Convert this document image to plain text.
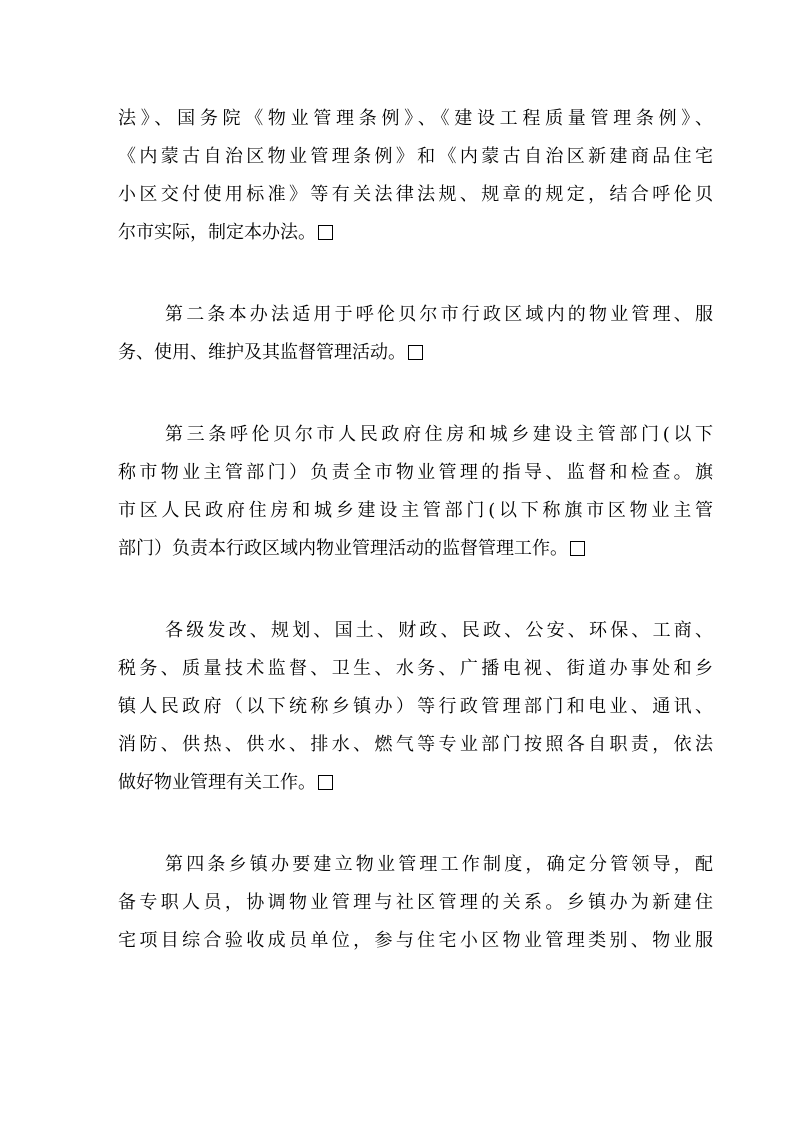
法》、国务院《物业管理条例》、《建设工程质量管理条例》、
《内蒙古自治区物业管理条例》和《内蒙古自治区新建商品住宅
小区交付使用标准》等有关法律法规、规章的规定，结合呼伦贝
尔市实际，制定本办法。
第二条本办法适用于呼伦贝尔市行政区域内的物业管理、服
务、使用、维护及其监督管理活动。
第三条呼伦贝尔市人民政府住房和城乡建设主管部门(以下
称市物业主管部门）负责全市物业管理的指导、监督和检查。旗
市区人民政府住房和城乡建设主管部门(以下称旗市区物业主管
部门）负责本行政区域内物业管理活动的监督管理工作。
各级发改、规划、国土、财政、民政、公安、环保、工商、
税务、质量技术监督、卫生、水务、广播电视、街道办事处和乡
镇人民政府（以下统称乡镇办）等行政管理部门和电业、通讯、
消防、供热、供水、排水、燃气等专业部门按照各自职责，依法
做好物业管理有关工作。
第四条乡镇办要建立物业管理工作制度，确定分管领导，配
备专职人员，协调物业管理与社区管理的关系。乡镇办为新建住
宅项目综合验收成员单位，参与住宅小区物业管理类别、物业服
